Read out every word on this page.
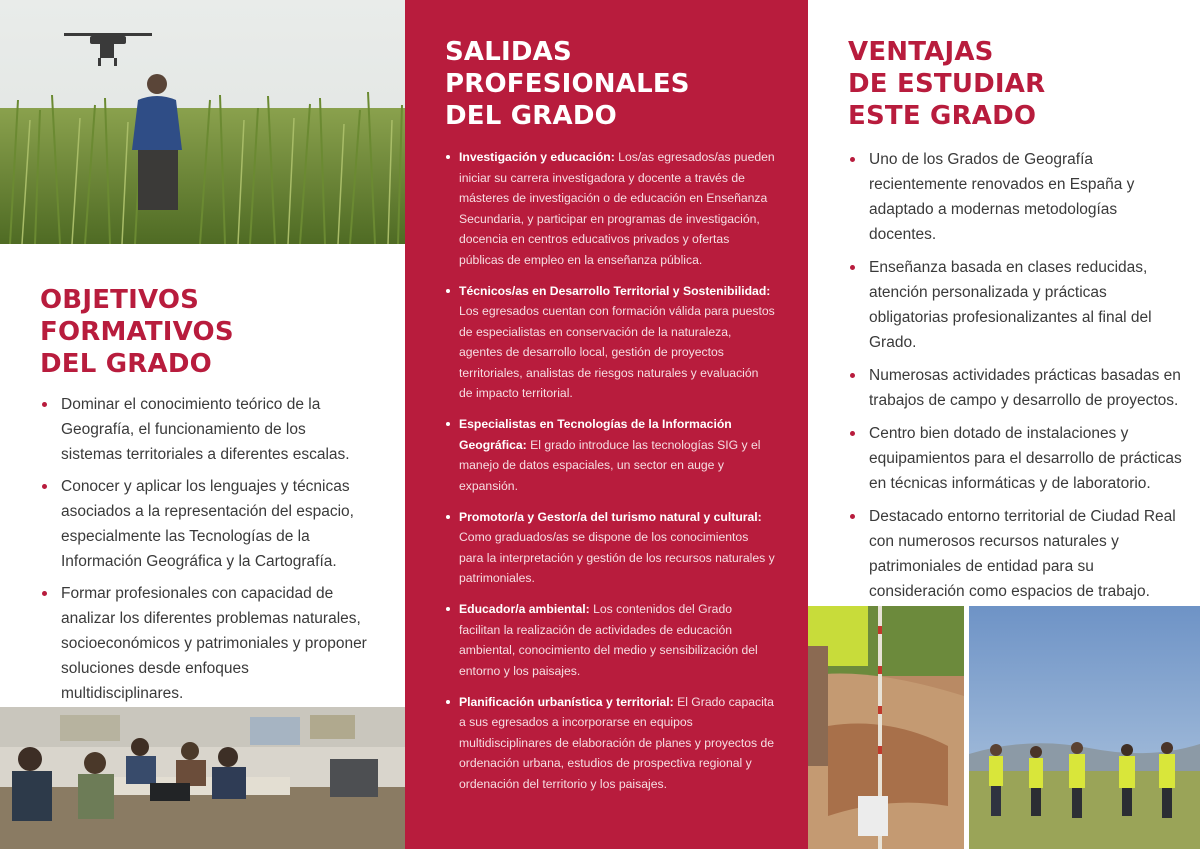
OBJETIVOS
FORMATIVOS
DEL GRADO
Dominar el conocimiento teórico de la Geografía, el funcionamiento de los sistemas territoriales a diferentes escalas.
Conocer y aplicar los lenguajes y técnicas asociados a la representación del espacio, especialmente las Tecnologías de la Información Geográfica y la Cartografía.
Formar profesionales con capacidad de analizar los diferentes problemas naturales, socioeconómicos y patrimoniales y proponer soluciones desde enfoques multidisciplinares.
SALIDAS
PROFESIONALES
DEL GRADO
Investigación y educación: Los/as egresados/as pueden iniciar su carrera investigadora y docente a través de másteres de investigación o de educación en Enseñanza Secundaria, y participar en programas de investigación, docencia en centros educativos privados y ofertas públicas de empleo en la enseñanza pública.
Técnicos/as en Desarrollo Territorial y Sostenibilidad: Los egresados cuentan con formación válida para puestos de especialistas en conservación de la naturaleza, agentes de desarrollo local, gestión de proyectos territoriales, analistas de riesgos naturales y evaluación de impacto territorial.
Especialistas en Tecnologías de la Información Geográfica: El grado introduce las tecnologías SIG y el manejo de datos espaciales, un sector en auge y expansión.
Promotor/a y Gestor/a del turismo natural y cultural: Como graduados/as se dispone de los conocimientos para la interpretación y gestión de los recursos naturales y patrimoniales.
Educador/a ambiental: Los contenidos del Grado facilitan la realización de actividades de educación ambiental, conocimiento del medio y sensibilización del entorno y los paisajes.
Planificación urbanística y territorial: El Grado capacita a sus egresados a incorporarse en equipos multidisciplinares de elaboración de planes y proyectos de ordenación urbana, estudios de prospectiva regional y ordenación del territorio y los paisajes.
VENTAJAS
DE ESTUDIAR
ESTE GRADO
Uno de los Grados de Geografía recientemente renovados en España y adaptado a modernas metodologías docentes.
Enseñanza basada en clases reducidas, atención personalizada y prácticas obligatorias profesionalizantes al final del Grado.
Numerosas actividades prácticas basadas en trabajos de campo y desarrollo de proyectos.
Centro bien dotado de instalaciones y equipamientos para el desarrollo de prácticas en técnicas informáticas y de laboratorio.
Destacado entorno territorial de Ciudad Real con numerosos recursos naturales y patrimoniales de entidad para su consideración como espacios de trabajo.
